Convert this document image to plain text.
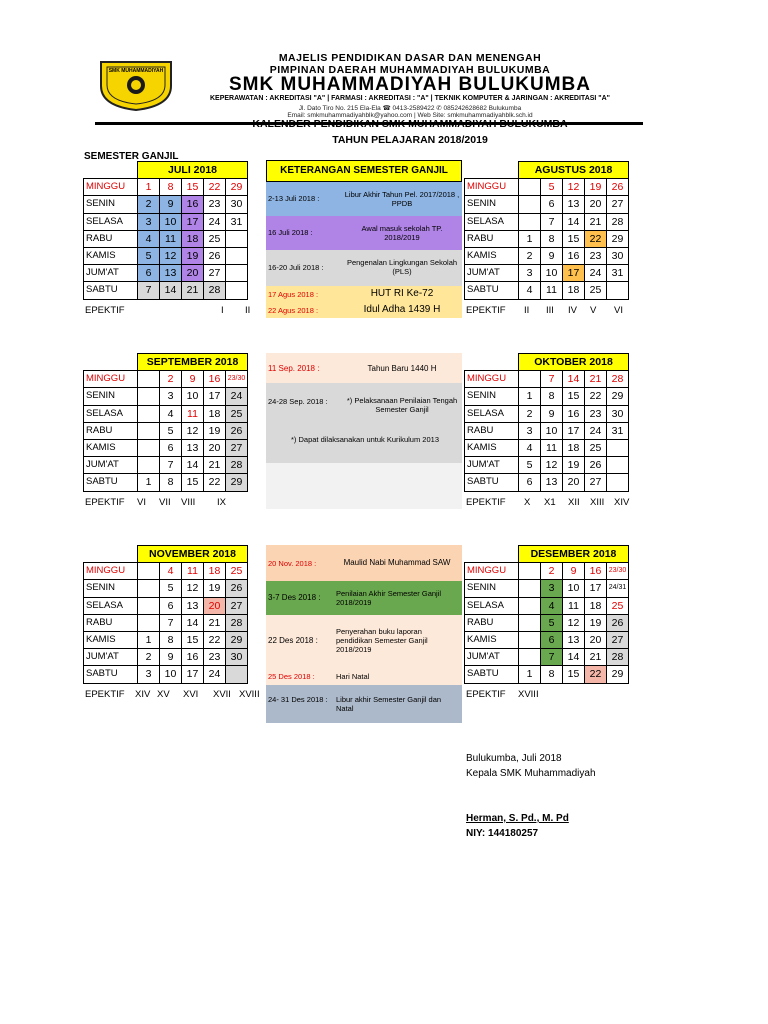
SMK MUHAMMADIYAH
MAJELIS PENDIDIKAN DASAR DAN MENENGAH
PIMPINAN DAERAH MUHAMMADIYAH BULUKUMBA
SMK MUHAMMADIYAH BULUKUMBA
KEPERAWATAN : AKREDITASI "A" | FARMASI : AKREDITASI : "A" | TEKNIK KOMPUTER & JARINGAN : AKREDITASI "A"
Jl. Dato Tiro No. 215 Ela-Ela ☎ 0413-2589422 ✆ 085242628682 Bulukumba
Email: smkmuhammadiyahblk@yahoo.com | Web Site: smkmuhammadiyahblk.sch.id
KALENDER PENDIDIKAN SMK MUHAMMADIYAH BULUKUMBA
TAHUN PELAJARAN 2018/2019
SEMESTER GANJIL
	JULI 2018				
MINGGU	1	8	15	22	29
SENIN	2	9	16	23	30
SELASA	3	10	17	24	31
RABU	4	11	18	25	
KAMIS	5	12	19	26	
JUM'AT	6	13	20	27	
SABTU	7	14	21	28	
EPEKTIF	I II
	AGUSTUS 2018				
MINGGU		5	12	19	26
SENIN		6	13	20	27
SELASA		7	14	21	28
RABU	1	8	15	22	29
KAMIS	2	9	16	23	30
JUM'AT	3	10	17	24	31
SABTU	4	11	18	25	
EPEKTIF II III IV V VI
	SEPTEMBER 2018				
MINGGU		2	9	16	23/30
SENIN		3	10	17	24
SELASA		4	11	18	25
RABU		5	12	19	26
KAMIS		6	13	20	27
JUM'AT		7	14	21	28
SABTU	1	8	15	22	29
EPEKTIF VI VII VIII IX
	OKTOBER 2018				
MINGGU		7	14	21	28
SENIN	1	8	15	22	29
SELASA	2	9	16	23	30
RABU	3	10	17	24	31
KAMIS	4	11	18	25	
JUM'AT	5	12	19	26	
SABTU	6	13	20	27	
EPEKTIF X X1 XII XIII XIV
	NOVEMBER 2018				
MINGGU		4	11	18	25
SENIN		5	12	19	26
SELASA		6	13	20	27
RABU		7	14	21	28
KAMIS	1	8	15	22	29
JUM'AT	2	9	16	23	30
SABTU	3	10	17	24	
EPEKTIF XIV XV XVI XVII XVIII
	DESEMBER 2018				
MINGGU		2	9	16	23/30
SENIN		3	10	17	24/31
SELASA		4	11	18	25
RABU		5	12	19	26
KAMIS		6	13	20	27
JUM'AT		7	14	21	28
SABTU	1	8	15	22	29
EPEKTIF XVIII
KETERANGAN SEMESTER GANJIL
2-13 Juli 2018 :	Libur Akhir Tahun Pel. 2017/2018 , PPDB
16 Juli 2018 :	Awal masuk sekolah TP. 2018/2019
16-20 Juli 2018 :
Pengenalan Lingkungan Sekolah (PLS)
17 Agus 2018 :	HUT RI Ke-72
22 Agus 2018 :	Idul Adha 1439 H
11 Sep. 2018 :	Tahun Baru 1440 H
24-28 Sep. 2018 :	*) Pelaksanaan Penilaian Tengah Semester Ganjil
*) Dapat dilaksanakan untuk Kurikulum 2013
20 Nov. 2018 :	Maulid Nabi Muhammad SAW
3-7 Des 2018 : Penilaian Akhir Semester Ganjil 2018/2019
22 Des 2018 :
Penyerahan buku laporan pendidikan Semester Ganjil 2018/2019
25 Des 2018 :	Hari Natal
24- 31 Des 2018 : Libur akhir Semester Ganjil dan Natal
Bulukumba, Juli 2018
Kepala SMK Muhammadiyah
Herman, S. Pd., M. Pd
NIY: 144180257
